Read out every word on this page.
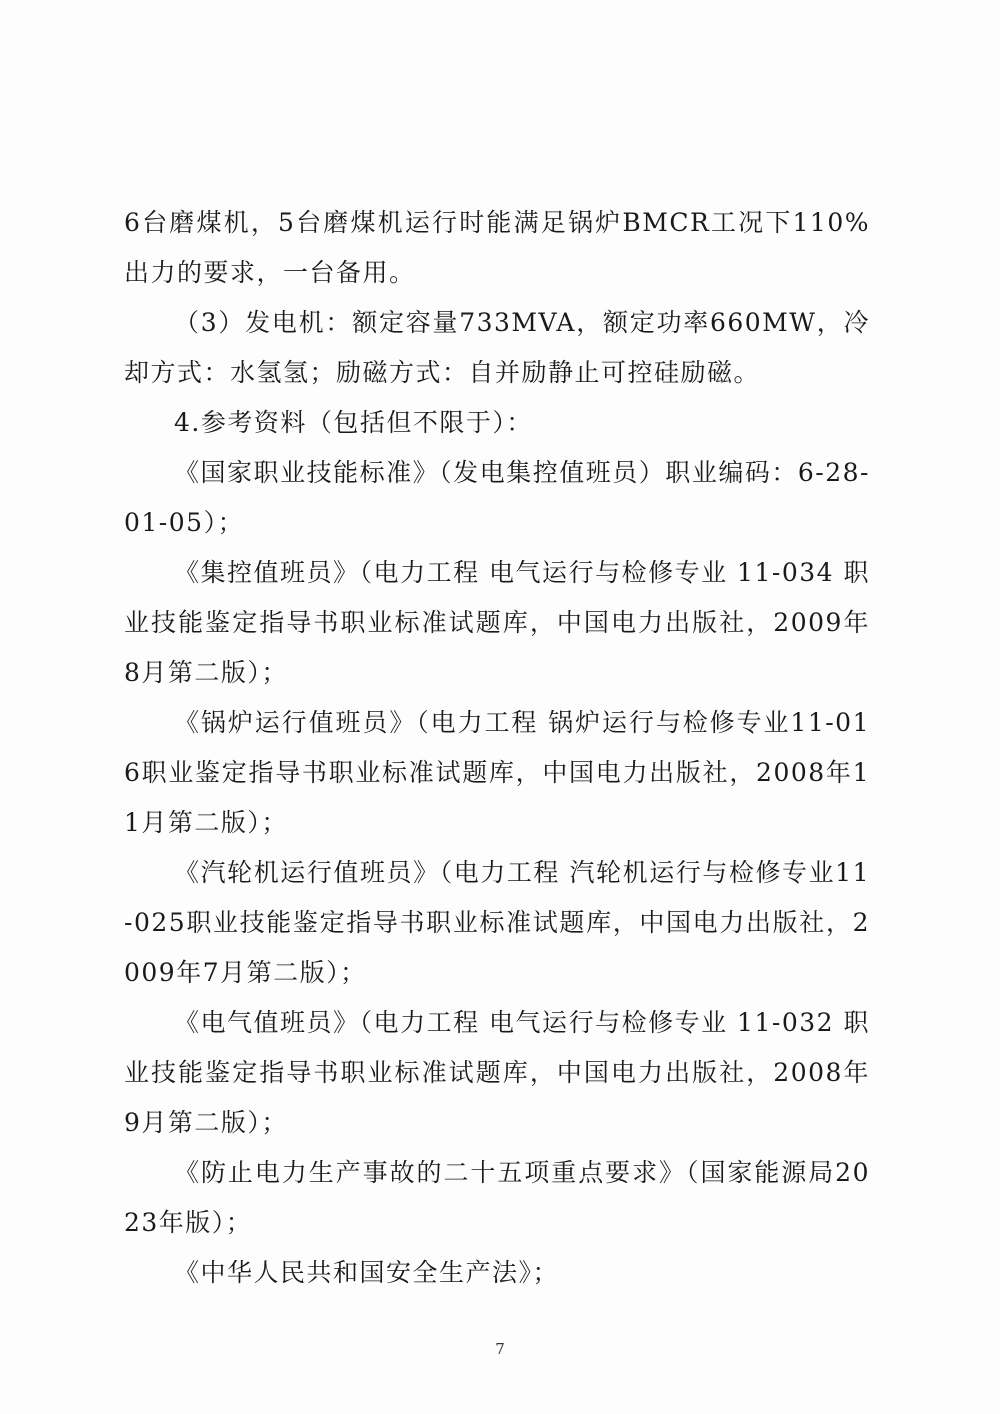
6台磨煤机，5台磨煤机运行时能满足锅炉BMCR工况下110%出力的要求，一台备用。

（3）发电机：额定容量733MVA，额定功率660MW，冷却方式：水氢氢；励磁方式：自并励静止可控硅励磁。

4.参考资料（包括但不限于）：

《国家职业技能标准》（发电集控值班员）职业编码：6-28-01-05）；

《集控值班员》（电力工程 电气运行与检修专业 11-034 职业技能鉴定指导书职业标准试题库，中国电力出版社，2009年8月第二版）；

《锅炉运行值班员》（电力工程 锅炉运行与检修专业11-016职业鉴定指导书职业标准试题库，中国电力出版社，2008年11月第二版）；

《汽轮机运行值班员》（电力工程 汽轮机运行与检修专业11-025职业技能鉴定指导书职业标准试题库，中国电力出版社，2009年7月第二版）；

《电气值班员》（电力工程 电气运行与检修专业 11-032 职业技能鉴定指导书职业标准试题库，中国电力出版社，2008年9月第二版）；

《防止电力生产事故的二十五项重点要求》（国家能源局2023年版）；

《中华人民共和国安全生产法》；

7
